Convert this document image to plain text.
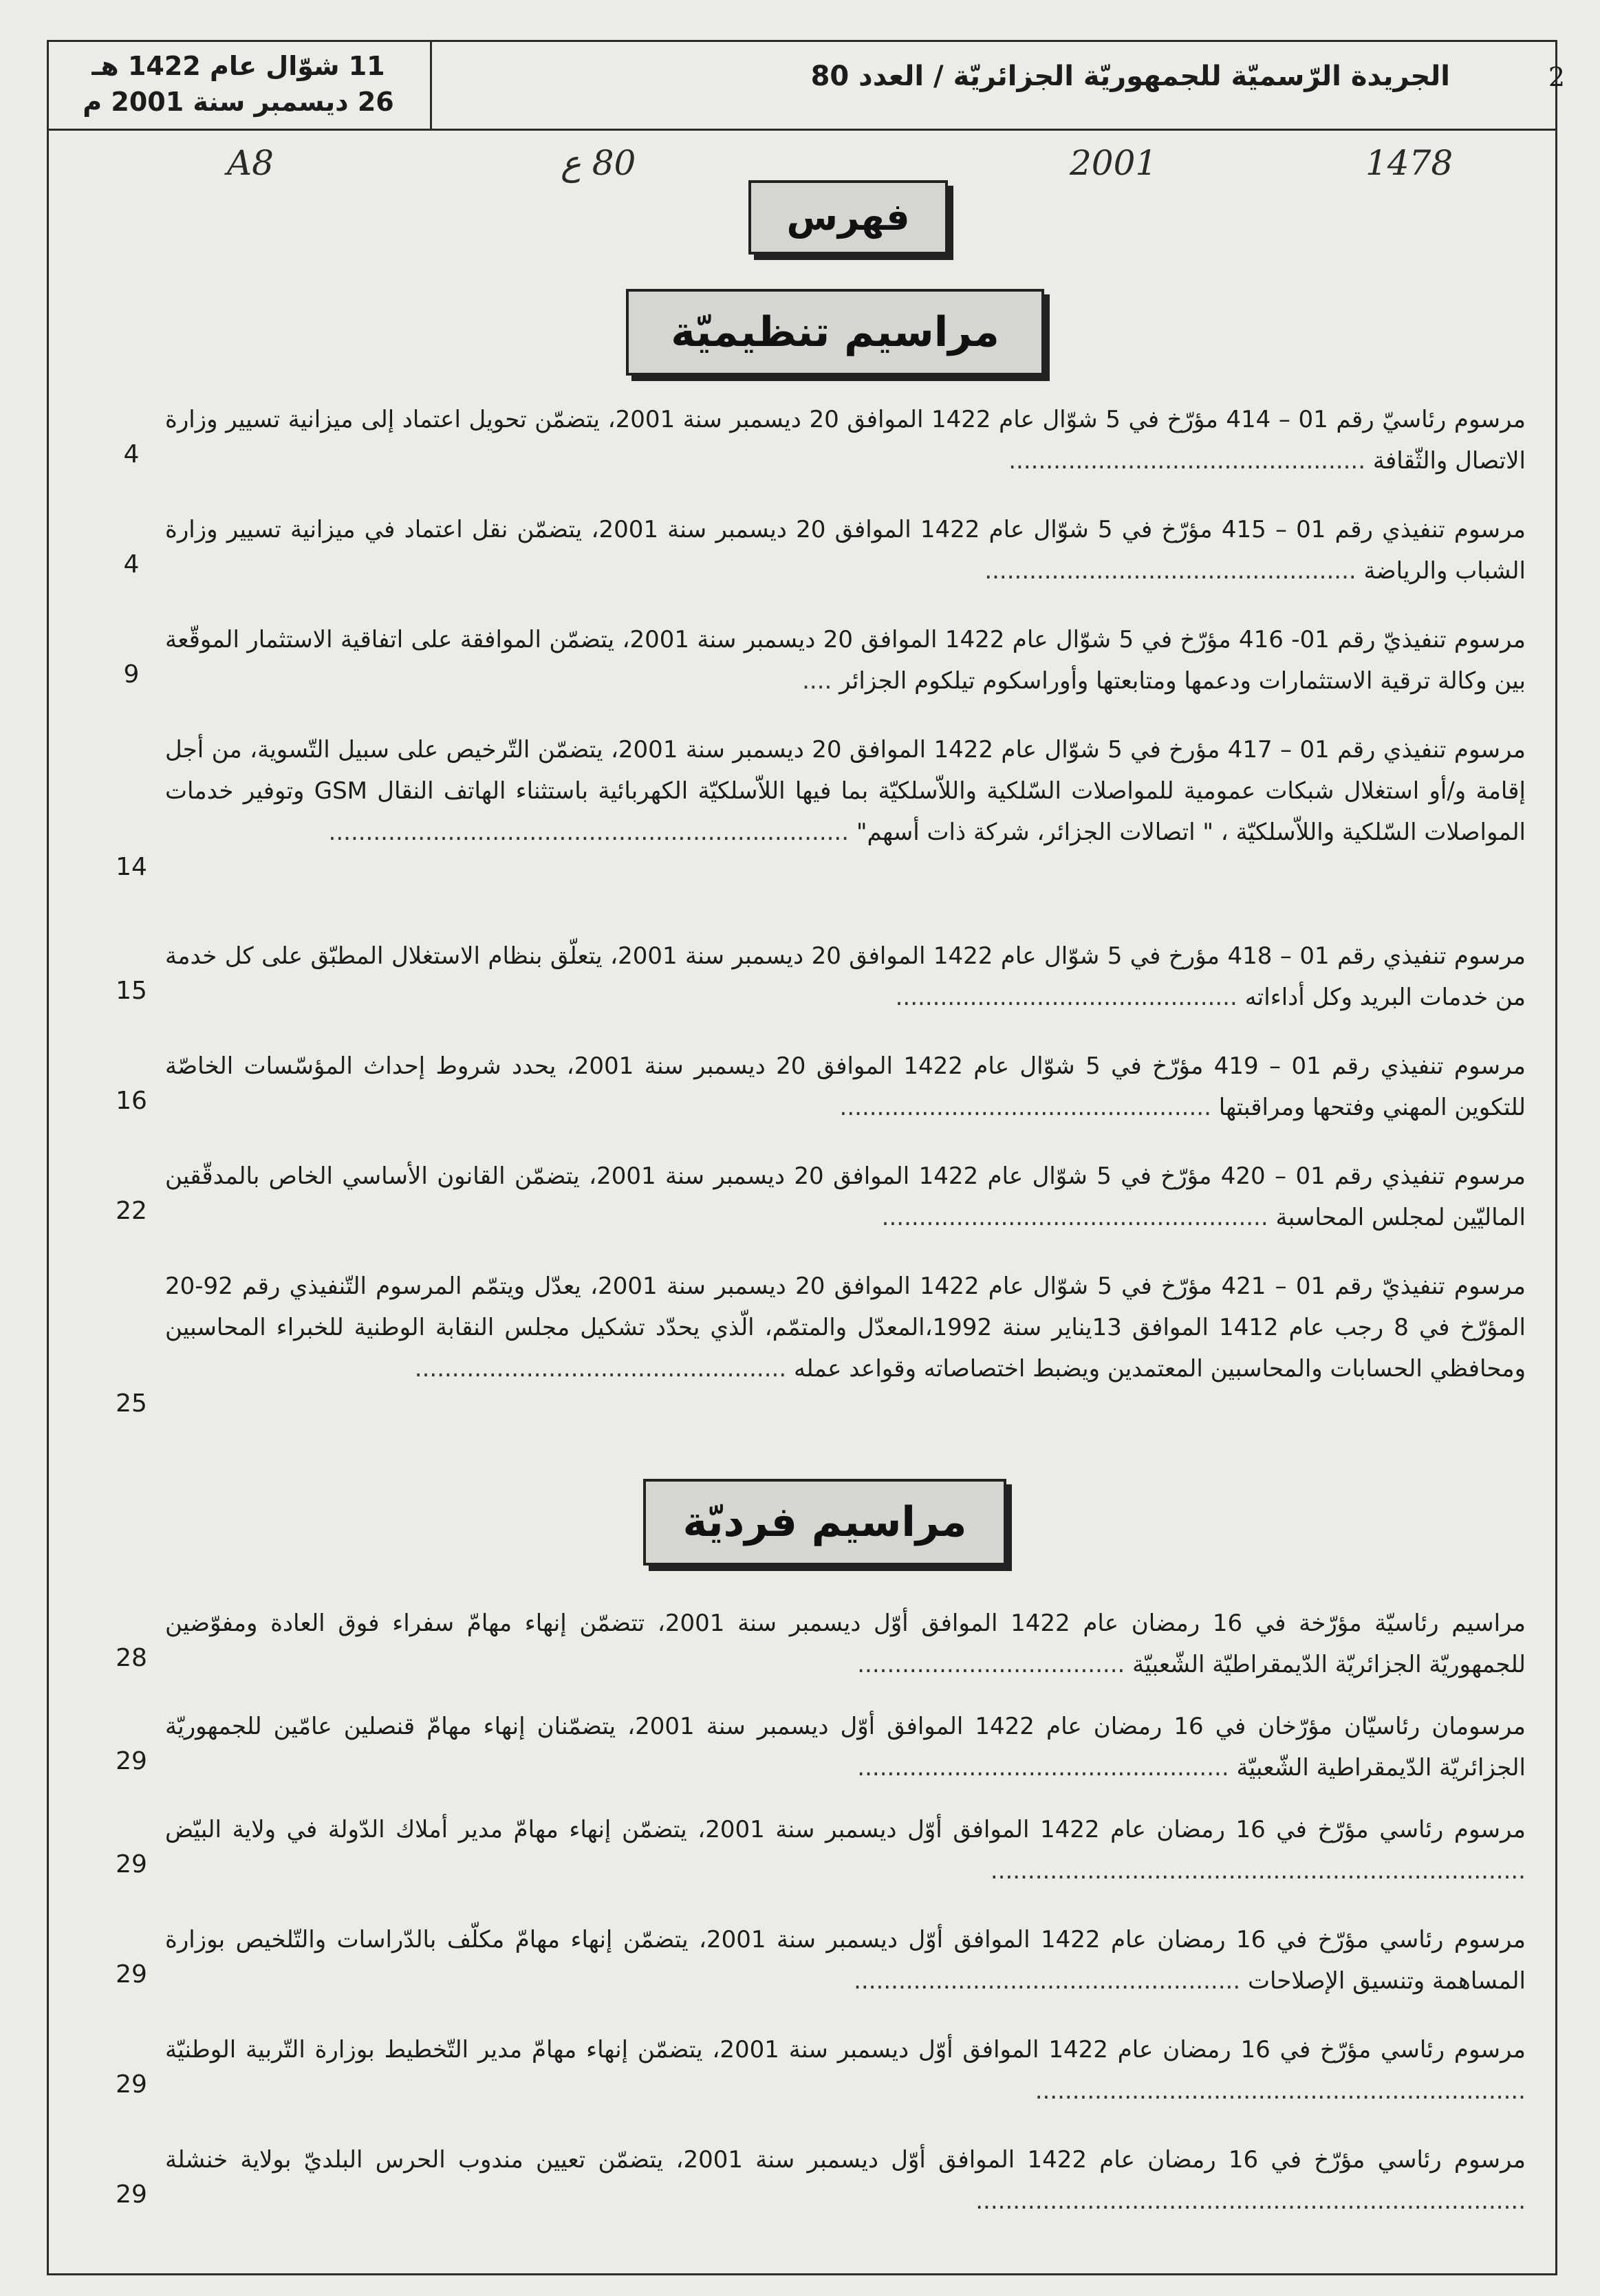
11 شوّال عام 1422 هـ
26 ديسمبر سنة 2001 م
الجريدة الرّسميّة للجمهوريّة الجزائريّة / العدد 80	2
A8	80 ع	2001	1478
فهرس
مراسيم تنظيميّة
مرسوم رئاسيّ رقم 01 – 414 مؤرّخ في 5 شوّال عام 1422 الموافق 20 ديسمبر سنة 2001، يتضمّن تحويل اعتماد إلى ميزانية تسيير وزارة الاتصال والثّقافة ................................................
4
مرسوم تنفيذي رقم 01 – 415 مؤرّخ في 5 شوّال عام 1422 الموافق 20 ديسمبر سنة 2001، يتضمّن نقل اعتماد في ميزانية تسيير وزارة الشباب والرياضة ..................................................
4
مرسوم تنفيذيّ رقم 01- 416 مؤرّخ في 5 شوّال عام 1422 الموافق 20 ديسمبر سنة 2001، يتضمّن الموافقة على اتفاقية الاستثمار الموقّعة بين وكالة ترقية الاستثمارات ودعمها ومتابعتها وأوراسكوم تيلكوم الجزائر ....
9
مرسوم تنفيذي رقم 01 – 417 مؤرخ في 5 شوّال عام 1422 الموافق 20 ديسمبر سنة 2001، يتضمّن التّرخيص على سبيل التّسوية، من أجل إقامة و/أو استغلال شبكات عمومية للمواصلات السّلكية واللاّسلكيّة بما فيها اللاّسلكيّة الكهربائية باستثناء الهاتف النقال GSM وتوفير خدمات المواصلات السّلكية واللاّسلكيّة ، " اتصالات الجزائر، شركة ذات أسهم" ......................................................................
14
مرسوم تنفيذي رقم 01 – 418 مؤرخ في 5 شوّال عام 1422 الموافق 20 ديسمبر سنة 2001، يتعلّق بنظام الاستغلال المطبّق على كل خدمة من خدمات البريد وكل أداءاته ..............................................
15
مرسوم تنفيذي رقم 01 – 419 مؤرّخ في 5 شوّال عام 1422 الموافق 20 ديسمبر سنة 2001، يحدد شروط إحداث المؤسّسات الخاصّة للتكوين المهني وفتحها ومراقبتها ..................................................
16
مرسوم تنفيذي رقم 01 – 420 مؤرّخ في 5 شوّال عام 1422 الموافق 20 ديسمبر سنة 2001، يتضمّن القانون الأساسي الخاص بالمدقّقين الماليّين لمجلس المحاسبة ....................................................
22
مرسوم تنفيذيّ رقم 01 – 421 مؤرّخ في 5 شوّال عام 1422 الموافق 20 ديسمبر سنة 2001، يعدّل ويتمّم المرسوم التّنفيذي رقم 92-20 المؤرّخ في 8 رجب عام 1412 الموافق 13يناير سنة 1992،المعدّل والمتمّم، الّذي يحدّد تشكيل مجلس النقابة الوطنية للخبراء المحاسبين ومحافظي الحسابات والمحاسبين المعتمدين ويضبط اختصاصاته وقواعد عمله ..................................................
25
مراسيم فرديّة
مراسيم رئاسيّة مؤرّخة في 16 رمضان عام 1422 الموافق أوّل ديسمبر سنة 2001، تتضمّن إنهاء مهامّ سفراء فوق العادة ومفوّضين للجمهوريّة الجزائريّة الدّيمقراطيّة الشّعبيّة ....................................
28
مرسومان رئاسيّان مؤرّخان في 16 رمضان عام 1422 الموافق أوّل ديسمبر سنة 2001، يتضمّنان إنهاء مهامّ قنصلين عامّين للجمهوريّة الجزائريّة الدّيمقراطية الشّعبيّة ..................................................
29
مرسوم رئاسي مؤرّخ في 16 رمضان عام 1422 الموافق أوّل ديسمبر سنة 2001، يتضمّن إنهاء مهامّ مدير أملاك الدّولة في ولاية البيّض ........................................................................
29
مرسوم رئاسي مؤرّخ في 16 رمضان عام 1422 الموافق أوّل ديسمبر سنة 2001، يتضمّن إنهاء مهامّ مكلّف بالدّراسات والتّلخيص بوزارة المساهمة وتنسيق الإصلاحات ....................................................
29
مرسوم رئاسي مؤرّخ في 16 رمضان عام 1422 الموافق أوّل ديسمبر سنة 2001، يتضمّن إنهاء مهامّ مدير التّخطيط بوزارة التّربية الوطنيّة ..................................................................
29
مرسوم رئاسي مؤرّخ في 16 رمضان عام 1422 الموافق أوّل ديسمبر سنة 2001، يتضمّن تعيين مندوب الحرس البلديّ بولاية خنشلة ..........................................................................
29
